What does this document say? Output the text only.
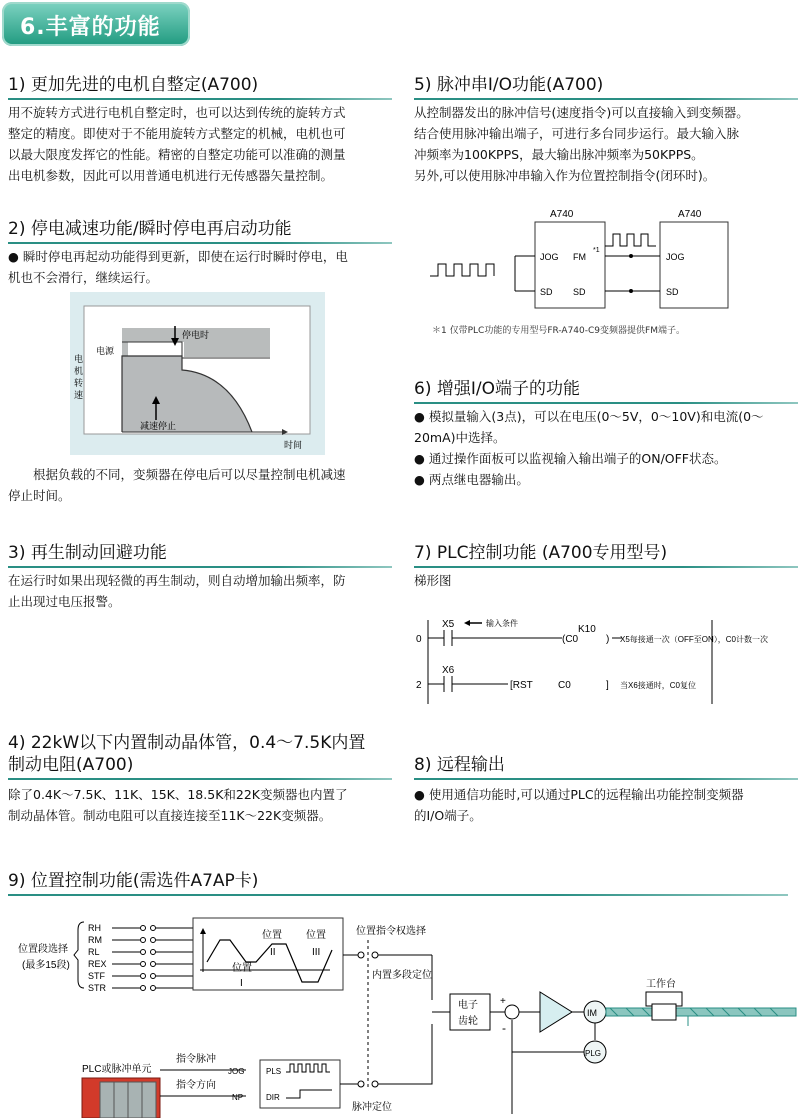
6.丰富的功能
1) 更加先进的电机自整定(A700)
用不旋转方式进行电机自整定时，也可以达到传统的旋转方式
整定的精度。即使对于不能用旋转方式整定的机械，电机也可
以最大限度发挥它的性能。精密的自整定功能可以准确的测量
出电机参数，因此可以用普通电机进行无传感器矢量控制。
2) 停电减速功能/瞬时停电再启动功能
● 瞬时停电再起动功能得到更新，即使在运行时瞬时停电，电
机也不会滑行，继续运行。
停电时
电源
减速停止
时间
电机转速
　　根据负载的不同，变频器在停电后可以尽量控制电机减速
停止时间。
3) 再生制动回避功能
在运行时如果出现轻微的再生制动，则自动增加输出频率，防
止出现过电压报警。
4) 22kW以下内置制动晶体管，0.4～7.5K内置
制动电阻(A700)
除了0.4K～7.5K、11K、15K、18.5K和22K变频器也内置了
制动晶体管。制动电阻可以直接连接至11K～22K变频器。
5) 脉冲串I/O功能(A700)
从控制器发出的脉冲信号(速度指令)可以直接输入到变频器。
结合使用脉冲输出端子，可进行多台同步运行。最大输入脉
冲频率为100KPPS，最大输出脉冲频率为50KPPS。
另外,可以使用脉冲串输入作为位置控制指令(闭环时)。
A740	A740
JOG FM
*1
SD SD
JOG
SD
＊1 仅带PLC功能的专用型号FR-A740-C9变频器提供FM端子。
6) 增强I/O端子的功能
● 模拟量输入(3点)，可以在电压(0～5V，0～10V)和电流(0～
20mA)中选择。
● 通过操作面板可以监视输入输出端子的ON/OFF状态。
● 两点继电器输出。
7) PLC控制功能 (A700专用型号)
梯形图
0
2
X5	输入条件
(C0
K10
) X5每接通一次（OFF至ON），C0计数一次
X6
[RST	C0	] 当X6接通时，C0复位
8) 远程输出
● 使用通信功能时,可以通过PLC的远程输出功能控制变频器
的I/O端子。
9) 位置控制功能(需选件A7AP卡)
位置段选择
(最多15段)
RH
RM
RL
REX
STF
STR
位置
I
位置
II
位置
III
位置指令权选择
内置多段定位
电子
齿轮
+
-
IM
PLG
工作台
PLC或脉冲单元
指令脉冲
指令方向
JOG
NP
PLS
DIR
脉冲定位
